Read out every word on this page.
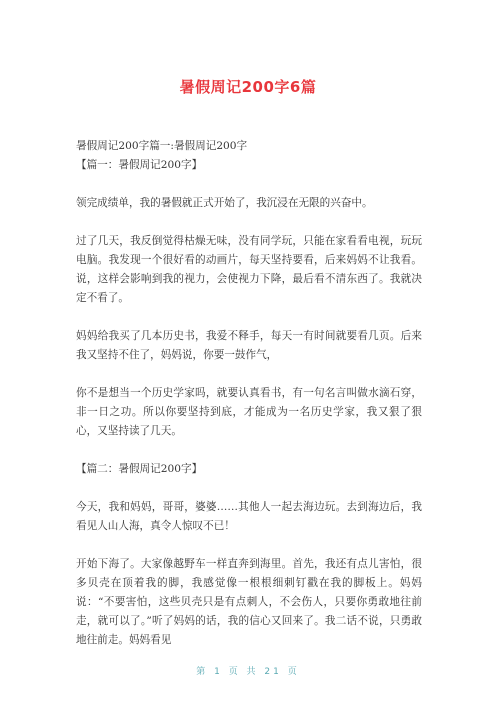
暑假周记200字6篇
暑假周记200字篇一:暑假周记200字
【篇一：暑假周记200字】
领完成绩单，我的暑假就正式开始了，我沉浸在无限的兴奋中。
过了几天，我反倒觉得枯燥无味，没有同学玩，只能在家看看电视，玩玩电脑。我发现一个很好看的动画片，每天坚持要看，后来妈妈不让我看。说，这样会影响到我的视力，会使视力下降，最后看不清东西了。我就决定不看了。
妈妈给我买了几本历史书，我爱不释手，每天一有时间就要看几页。后来我又坚持不住了，妈妈说，你要一鼓作气，
你不是想当一个历史学家吗，就要认真看书，有一句名言叫做水滴石穿，非一日之功。所以你要坚持到底，才能成为一名历史学家，我又狠了狠心，又坚持读了几天。
【篇二：暑假周记200字】
今天，我和妈妈，哥哥，婆婆……其他人一起去海边玩。去到海边后，我看见人山人海，真令人惊叹不已！
开始下海了。大家像越野车一样直奔到海里。首先，我还有点儿害怕，很多贝壳在顶着我的脚，我感觉像一根根细刺钉戳在我的脚板上。妈妈说：“不要害怕，这些贝壳只是有点刺人，不会伤人，只要你勇敢地往前走，就可以了。”听了妈妈的话，我的信心又回来了。我二话不说，只勇敢地往前走。妈妈看见
第 1 页 共 21 页
